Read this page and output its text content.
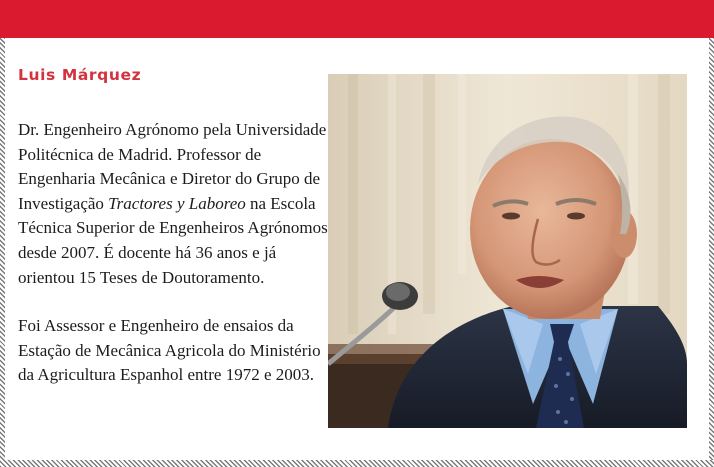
Luis Márquez

Dr. Engenheiro Agrónomo pela Universidade Politécnica de Madrid. Professor de Engenharia Mecânica e Diretor do Grupo de Investigação Tractores y Laboreo na Escola Técnica Superior de Engenheiros Agrónomos desde 2007. É docente há 36 anos e já orientou 15 Teses de Doutoramento.

Foi Assessor e Engenheiro de ensaios da Estação de Mecânica Agricola do Ministério da Agricultura Espanhol entre 1972 e 2003.
